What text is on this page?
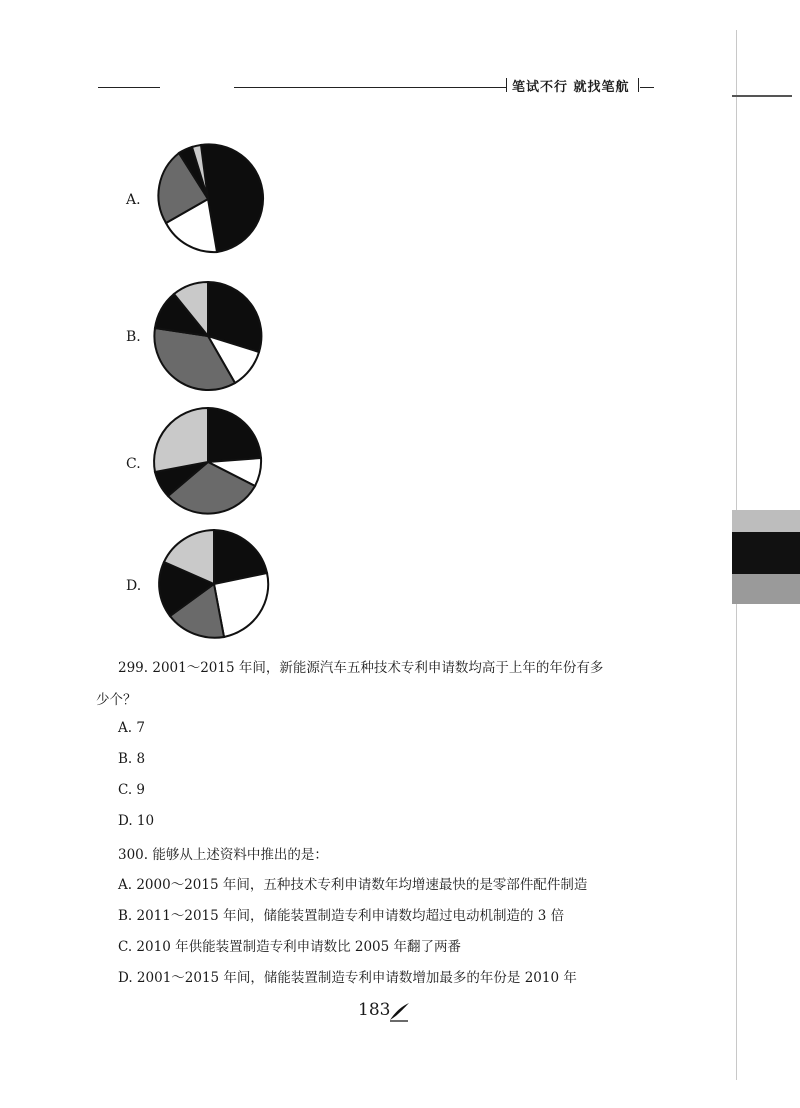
笔试不行 就找笔航
A.
B.
C.
D.
299. 2001～2015 年间，新能源汽车五种技术专利申请数均高于上年的年份有多
少个？
A. 7
B. 8
C. 9
D. 10
300. 能够从上述资料中推出的是：
A. 2000～2015 年间，五种技术专利申请数年均增速最快的是零部件配件制造
B. 2011～2015 年间，储能装置制造专利申请数均超过电动机制造的 3 倍
C. 2010 年供能装置制造专利申请数比 2005 年翻了两番
D. 2001～2015 年间，储能装置制造专利申请数增加最多的年份是 2010 年
183
